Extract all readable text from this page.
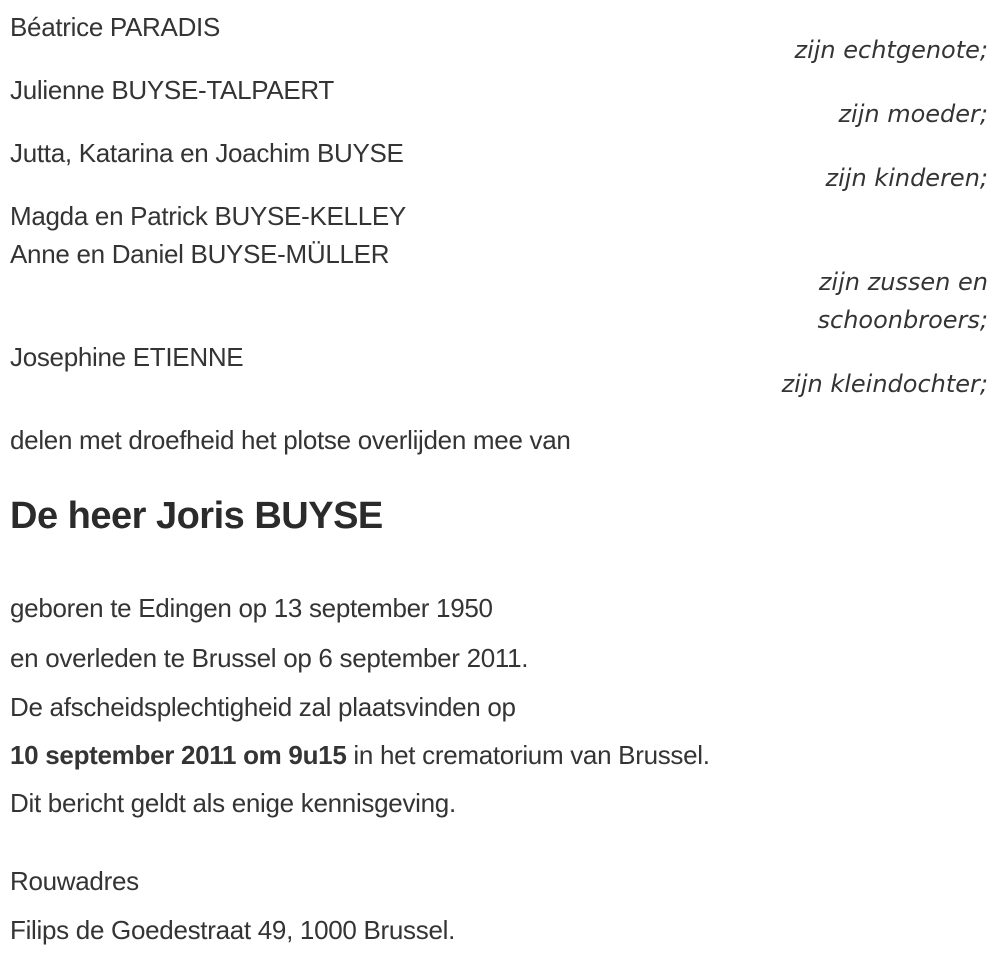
Béatrice PARADIS
zijn echtgenote;
Julienne BUYSE-TALPAERT
zijn moeder;
Jutta, Katarina en Joachim BUYSE
zijn kinderen;
Magda en Patrick BUYSE-KELLEY
Anne en Daniel BUYSE-MÜLLER
zijn zussen en
schoonbroers;
Josephine ETIENNE
zijn kleindochter;
delen met droefheid het plotse overlijden mee van
De heer Joris BUYSE
geboren te Edingen op 13 september 1950
en overleden te Brussel op 6 september 2011.
De afscheidsplechtigheid zal plaatsvinden op
10 september 2011 om 9u15 in het crematorium van Brussel.
Dit bericht geldt als enige kennisgeving.
Rouwadres
Filips de Goedestraat 49, 1000 Brussel.
